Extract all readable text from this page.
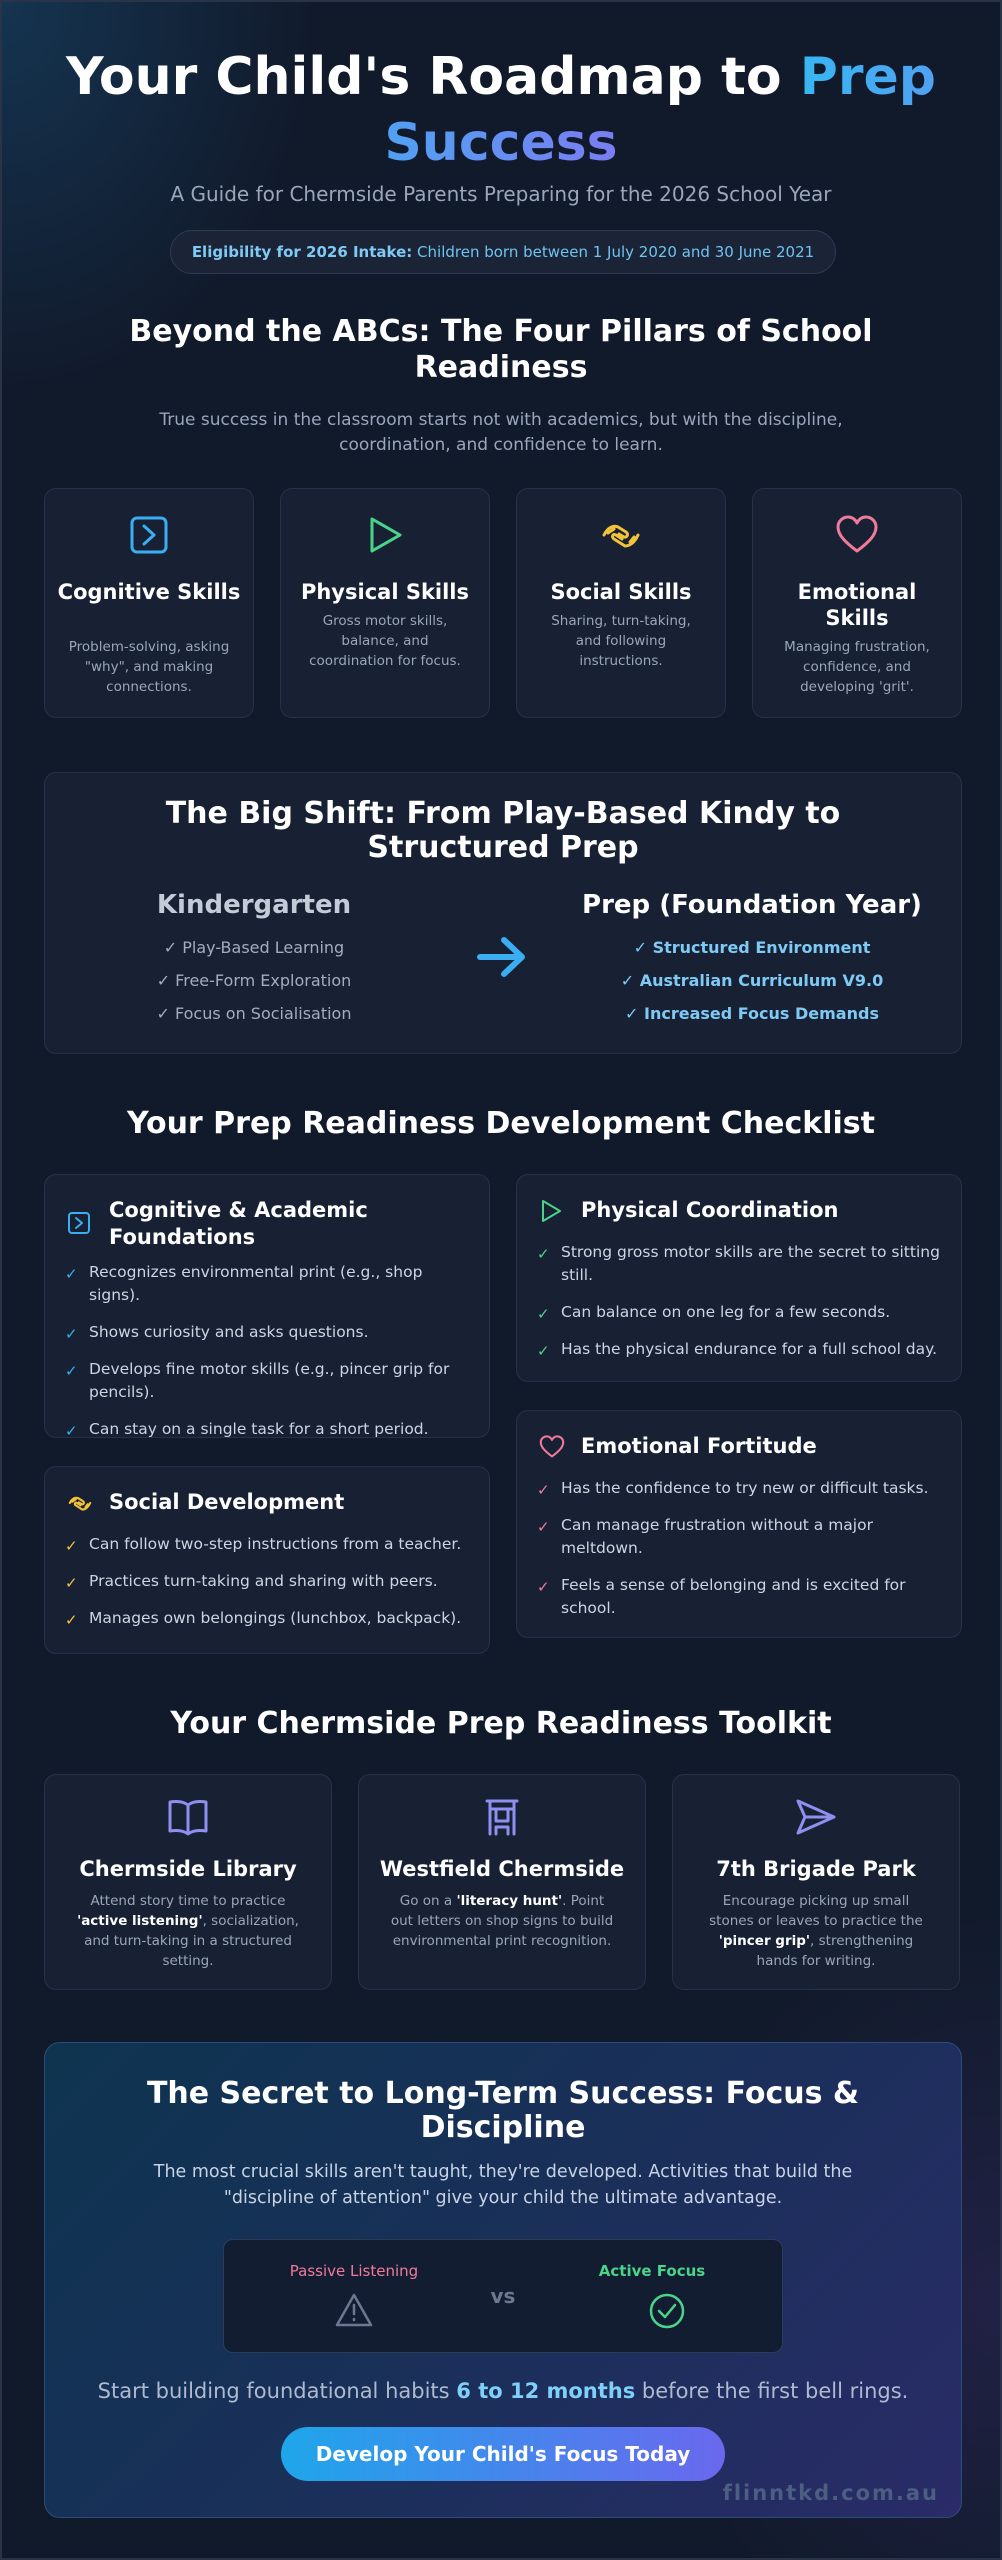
Your Child's Roadmap to Prep Success
A Guide for Chermside Parents Preparing for the 2026 School Year
Eligibility for 2026 Intake: Children born between 1 July 2020 and 30 June 2021
Beyond the ABCs: The Four Pillars of School Readiness
True success in the classroom starts not with academics, but with the discipline, coordination, and confidence to learn.
Cognitive Skills
Problem-solving, asking "why", and making connections.
Physical Skills
Gross motor skills, balance, and coordination for focus.
Social Skills
Sharing, turn-taking, and following instructions.
Emotional Skills
Managing frustration, confidence, and developing 'grit'.
The Big Shift: From Play-Based Kindy to Structured Prep
Kindergarten
✓ Play-Based Learning
✓ Free-Form Exploration
✓ Focus on Socialisation
Prep (Foundation Year)
✓ Structured Environment
✓ Australian Curriculum V9.0
✓ Increased Focus Demands
Your Prep Readiness Development Checklist
Cognitive & Academic
Foundations
✓ Recognizes environmental print (e.g., shop signs).
✓ Shows curiosity and asks questions.
✓ Develops fine motor skills (e.g., pincer grip for pencils).
✓ Can stay on a single task for a short period.
Physical Coordination
✓ Strong gross motor skills are the secret to sitting still.
✓ Can balance on one leg for a few seconds.
✓ Has the physical endurance for a full school day.
Social Development
✓ Can follow two-step instructions from a teacher.
✓ Practices turn-taking and sharing with peers.
✓ Manages own belongings (lunchbox, backpack).
Emotional Fortitude
✓ Has the confidence to try new or difficult tasks.
✓ Can manage frustration without a major meltdown.
✓ Feels a sense of belonging and is excited for school.
Your Chermside Prep Readiness Toolkit
Chermside Library
Attend story time to practice 'active listening', socialization, and turn-taking in a structured setting.
Westfield Chermside
Go on a 'literacy hunt'. Point out letters on shop signs to build environmental print recognition.
7th Brigade Park
Encourage picking up small stones or leaves to practice the 'pincer grip', strengthening hands for writing.
The Secret to Long-Term Success: Focus & Discipline
The most crucial skills aren't taught, they're developed. Activities that build the "discipline of attention" give your child the ultimate advantage.
Passive Listening
vs
Active Focus
Start building foundational habits 6 to 12 months before the first bell rings.
Develop Your Child's Focus Today
flinntkd.com.au
